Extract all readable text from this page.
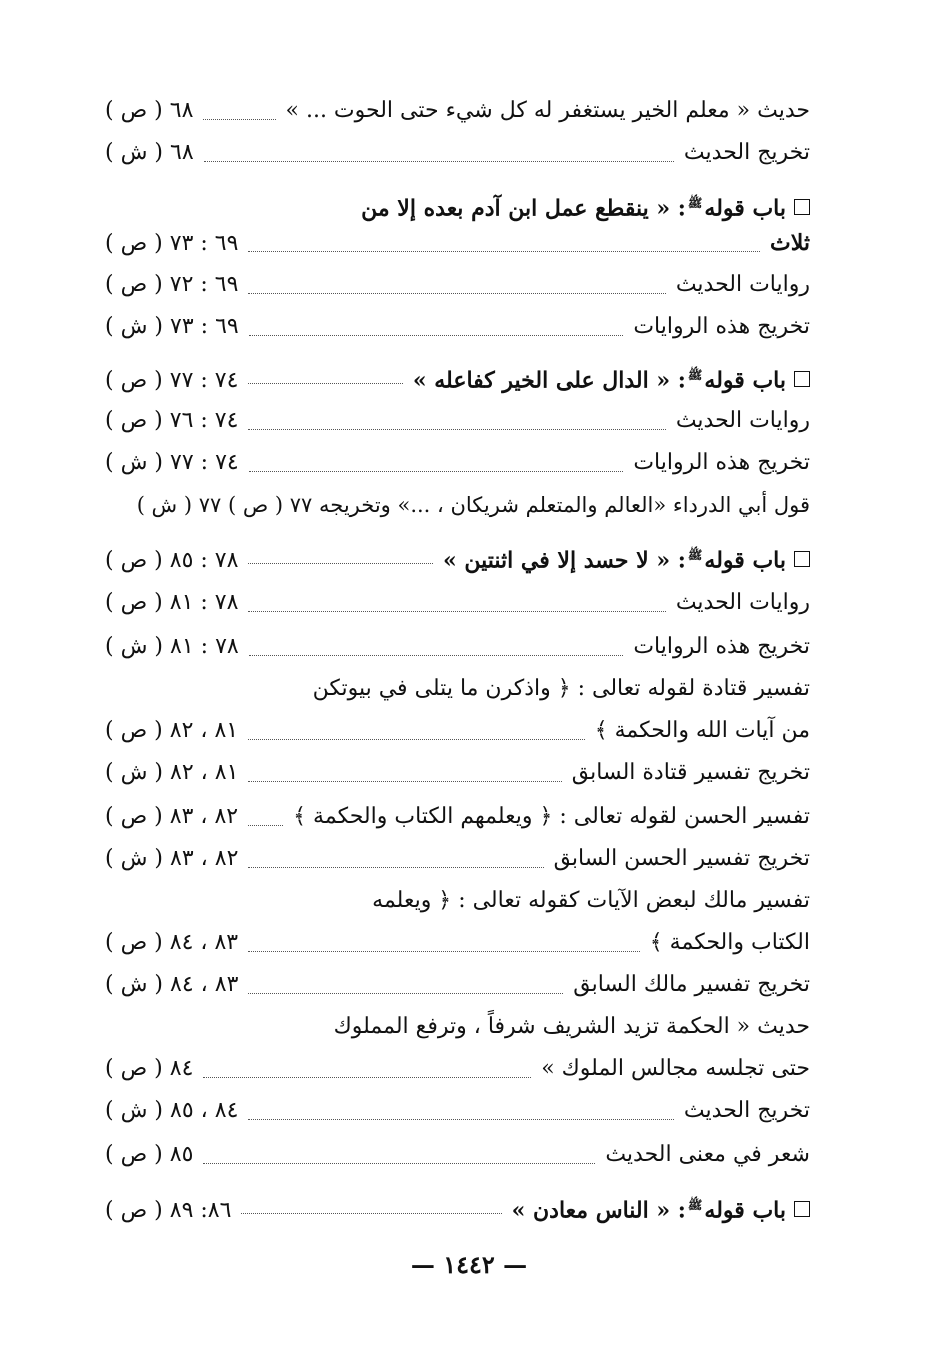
حديث « معلم الخير يستغفر له كل شيء حتى الحوت ... »
٦٨ ( ص )
تخريج الحديث
٦٨ ( ش )
باب قوله$^ﷺ$: « ينقطع عمل ابن آدم بعده إلا من
ثلاث
٦٩ : ٧٣ ( ص )
روايات الحديث
٦٩ : ٧٢ ( ص )
تخريج هذه الروايات
٦٩ : ٧٣ ( ش )
باب قوله$^ﷺ$: « الدال على الخير كفاعله »
٧٤ : ٧٧ ( ص )
روايات الحديث
٧٤ : ٧٦ ( ص )
تخريج هذه الروايات
٧٤ : ٧٧ ( ش )
قول أبي الدرداء «العالم والمتعلم شريكان ، ...» وتخريجه ٧٧ ( ص ) ٧٧ ( ش )
باب قوله$^ﷺ$: « لا حسد إلا في اثنتين »
٧٨ : ٨٥ ( ص )
روايات الحديث
٧٨ : ٨١ ( ص )
تخريج هذه الروايات
٧٨ : ٨١ ( ش )
تفسير قتادة لقوله تعالى : ﴿ واذكرن ما يتلى في بيوتكن
من آيات الله والحكمة ﴾
٨١ ، ٨٢ ( ص )
تخريج تفسير قتادة السابق
٨١ ، ٨٢ ( ش )
تفسير الحسن لقوله تعالى : ﴿ ويعلمهم الكتاب والحكمة ﴾
٨٢ ، ٨٣ ( ص )
تخريج تفسير الحسن السابق
٨٢ ، ٨٣ ( ش )
تفسير مالك لبعض الآيات كقوله تعالى : ﴿ ويعلمه
الكتاب والحكمة ﴾
٨٣ ، ٨٤ ( ص )
تخريج تفسير مالك السابق
٨٣ ، ٨٤ ( ش )
حديث « الحكمة تزيد الشريف شرفاً ، وترفع المملوك
حتى تجلسه مجالس الملوك »
٨٤ ( ص )
تخريج الحديث
٨٤ ، ٨٥ ( ش )
شعر في معنى الحديث
٨٥ ( ص )
باب قوله$^ﷺ$: « الناس معادن »
٨٦: ٨٩ ( ص )
— ١٤٤٢ —
